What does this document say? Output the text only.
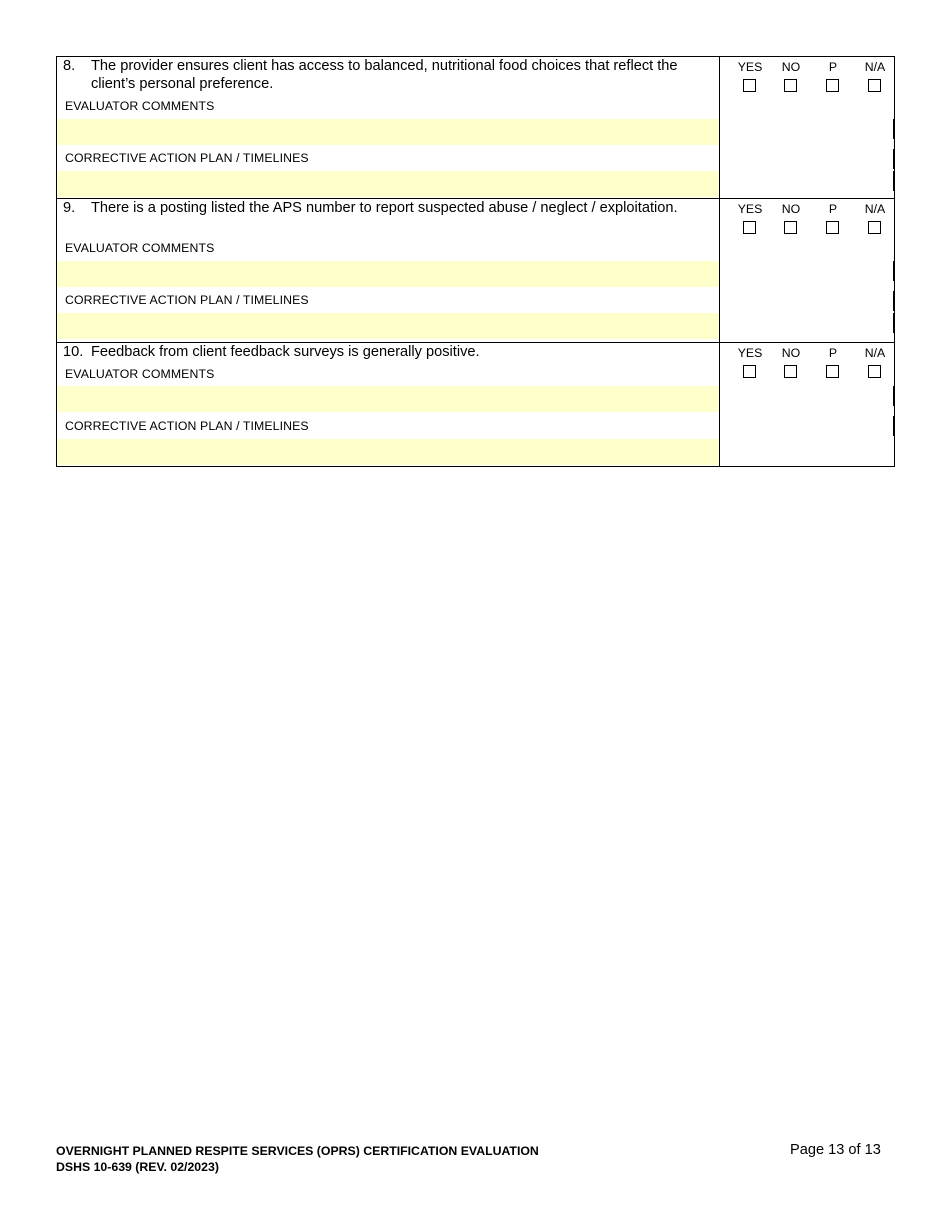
8.	The provider ensures client has access to balanced, nutritional food choices that reflect the client’s personal preference.
EVALUATOR COMMENTS
CORRECTIVE ACTION PLAN / TIMELINES
YES	NO	P	N/A
9.	There is a posting listed the APS number to report suspected abuse / neglect / exploitation.
EVALUATOR COMMENTS
CORRECTIVE ACTION PLAN / TIMELINES
YES	NO	P	N/A
10. Feedback from client feedback surveys is generally positive.
EVALUATOR COMMENTS
CORRECTIVE ACTION PLAN / TIMELINES
YES	NO	P	N/A
OVERNIGHT PLANNED RESPITE SERVICES (OPRS) CERTIFICATION EVALUATION
DSHS 10-639 (REV. 02/2023)
Page 13 of 13
